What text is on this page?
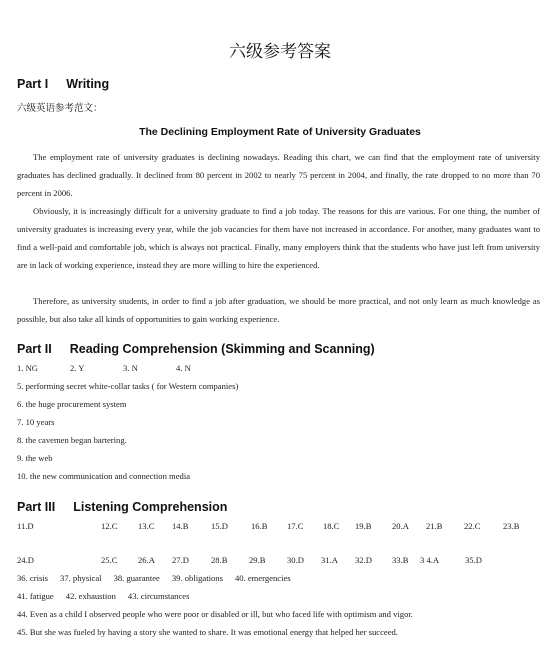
六级参考答案
Part I Writing
六级英语参考范文：
The Declining Employment Rate of University Graduates

The employment rate of university graduates is declining nowadays. Reading this chart, we can find that the employment rate of university graduates has declined gradually. It declined from 80 percent in 2002 to nearly 75 percent in 2004, and finally, the rate dropped to no more than 70 percent in 2006.

Obviously, it is increasingly difficult for a university graduate to find a job today. The reasons for this are various. For one thing, the number of university graduates is increasing every year, while the job vacancies for them have not increased in accordance. For another, many graduates want to find a well-paid and comfortable job, which is always not practical. Finally, many employers think that the students who have just left from university are in lack of working experience, instead they are more willing to hire the experienced.

Therefore, as university students, in order to find a job after graduation, we should be more practical, and not only learn as much knowledge as possible, but also take all kinds of opportunities to gain working experience.

Part II Reading Comprehension (Skimming and Scanning)
1. NG	2. Y	3. N	4. N
5. performing secret white-collar tasks ( for Western companies)
6. the huge procurement system
7. 10 years
8. the cavemen began bartering.
9. the web
10. the new communication and connection media
Part III Listening Comprehension
11.D	12.C 13.C 14.B	15.D	16.B 17.C 18.C 19.B 20.A 21.B	22.C	23.B
24.D	25.C 26.A 27.D	28.B	29.B	30.D 31.A 32.D 33.B 3 4.A	35.D
36. crisis 37. physical 38. guarantee 39. obligations 40. emergencies
41. fatigue 42. exhaustion 43. circumstances
44. Even as a child I observed people who were poor or disabled or ill, but who faced life with optimism and vigor.
45. But she was fueled by having a story she wanted to share. It was emotional energy that helped her succeed.
